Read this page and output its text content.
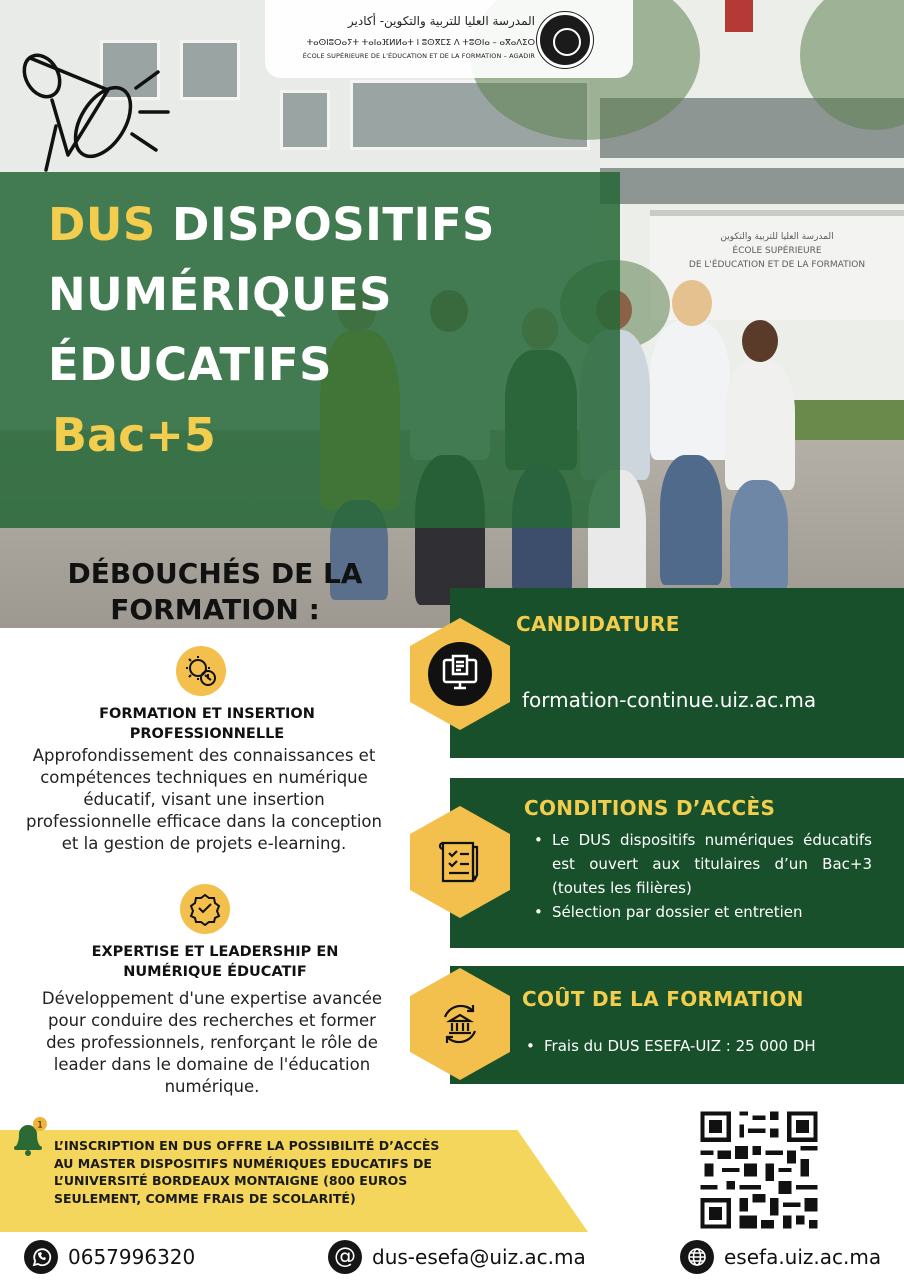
المدرسة العليا للتربية والتكوين
ÉCOLE SUPÉRIEURE
DE L'ÉDUCATION ET DE LA FORMATION
المدرسة العليا للتربية والتكوين- أكادير
ⵜⴰⵙⵏⵓⵔⴰⵢⵜ ⵜⴰⵏⴰⴼⵍⵍⴰⵜ ⵏ ⵓⵙⴳⵎⵉ ⴷ ⵜⵓⵙⵏⴰ – ⴰⴳⴰⴷⵉⵔ
ÉCOLE SUPÉRIEURE DE L'ÉDUCATION ET DE LA FORMATION – AGADIR
DUS DISPOSITIFS
NUMÉRIQUES
ÉDUCATIFS
Bac+5
DÉBOUCHÉS DE LA FORMATION :
FORMATION ET INSERTION PROFESSIONNELLE
Approfondissement des connaissances et compétences techniques en numérique éducatif, visant une insertion professionnelle efficace dans la conception et la gestion de projets e-learning.
EXPERTISE ET LEADERSHIP EN NUMÉRIQUE ÉDUCATIF
Développement d'une expertise avancée pour conduire des recherches et former des professionnels, renforçant le rôle de leader dans le domaine de l'éducation numérique.
CANDIDATURE
formation-continue.uiz.ac.ma
CONDITIONS D’ACCÈS
• Le DUS dispositifs numériques éducatifs est ouvert aux titulaires d’un Bac+3 (toutes les filières)
• Sélection par dossier et entretien
COÛT DE LA FORMATION
• Frais du DUS ESEFA-UIZ : 25 000 DH
1
L’INSCRIPTION EN DUS OFFRE LA POSSIBILITÉ D’ACCÈS AU MASTER DISPOSITIFS NUMÉRIQUES EDUCATIFS DE L’UNIVERSITÉ BORDEAUX MONTAIGNE (800 EUROS SEULEMENT, COMME FRAIS DE SCOLARITÉ)
0657996320	@ dus-esefa@uiz.ac.ma	esefa.uiz.ac.ma
